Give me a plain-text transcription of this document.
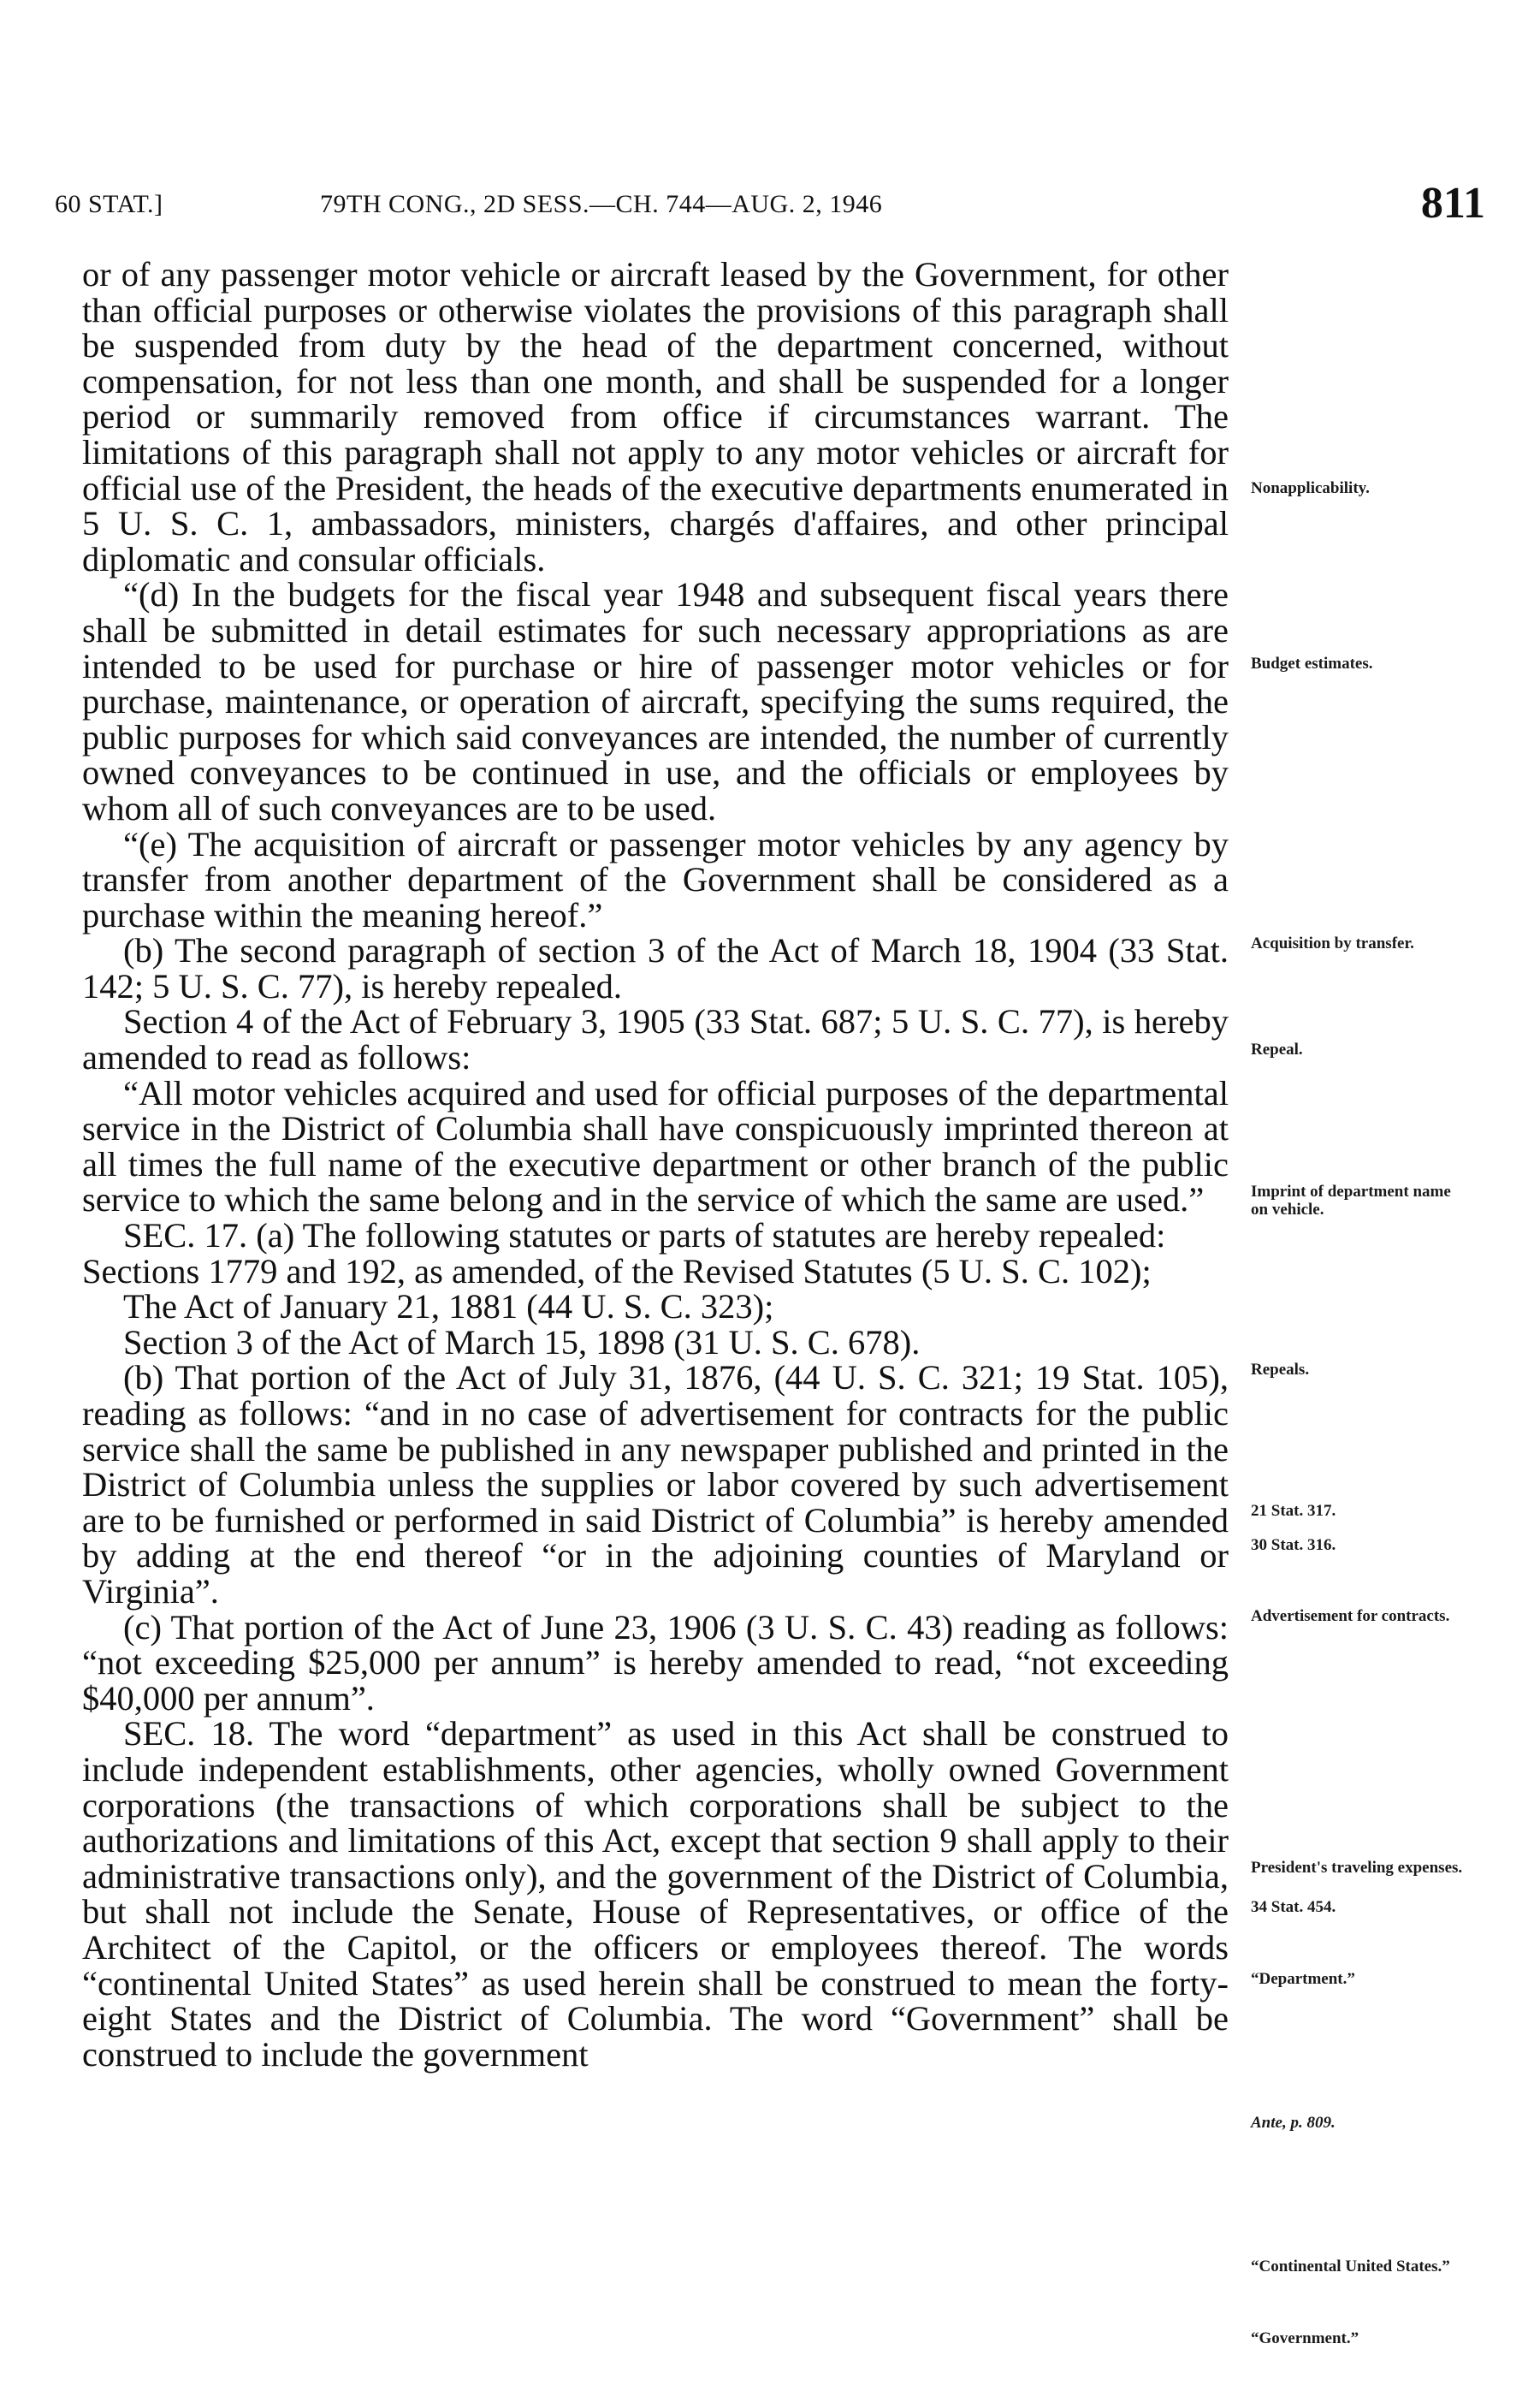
60 STAT.]	79TH CONG., 2D SESS.—CH. 744—AUG. 2, 1946	811

or of any passenger motor vehicle or aircraft leased by the Government, for other than official purposes or otherwise violates the provisions of this paragraph shall be suspended from duty by the head of the department concerned, without compensation, for not less than one month, and shall be suspended for a longer period or summarily removed from office if circumstances warrant. The limitations of this paragraph shall not apply to any motor vehicles or aircraft for official use of the President, the heads of the executive departments enumerated in 5 U. S. C. 1, ambassadors, ministers, chargés d'affaires, and other principal diplomatic and consular officials.

“(d) In the budgets for the fiscal year 1948 and subsequent fiscal years there shall be submitted in detail estimates for such necessary appropriations as are intended to be used for purchase or hire of passenger motor vehicles or for purchase, maintenance, or operation of aircraft, specifying the sums required, the public purposes for which said conveyances are intended, the number of currently owned conveyances to be continued in use, and the officials or employees by whom all of such conveyances are to be used.

“(e) The acquisition of aircraft or passenger motor vehicles by any agency by transfer from another department of the Government shall be considered as a purchase within the meaning hereof.”

(b) The second paragraph of section 3 of the Act of March 18, 1904 (33 Stat. 142; 5 U. S. C. 77), is hereby repealed.

Section 4 of the Act of February 3, 1905 (33 Stat. 687; 5 U. S. C. 77), is hereby amended to read as follows:

“All motor vehicles acquired and used for official purposes of the departmental service in the District of Columbia shall have conspicuously imprinted thereon at all times the full name of the executive department or other branch of the public service to which the same belong and in the service of which the same are used.”

SEC. 17. (a) The following statutes or parts of statutes are hereby repealed:

Sections 1779 and 192, as amended, of the Revised Statutes (5 U. S. C. 102);

The Act of January 21, 1881 (44 U. S. C. 323);

Section 3 of the Act of March 15, 1898 (31 U. S. C. 678).

(b) That portion of the Act of July 31, 1876, (44 U. S. C. 321; 19 Stat. 105), reading as follows: “and in no case of advertisement for contracts for the public service shall the same be published in any newspaper published and printed in the District of Columbia unless the supplies or labor covered by such advertisement are to be furnished or performed in said District of Columbia” is hereby amended by adding at the end thereof “or in the adjoining counties of Maryland or Virginia”.

(c) That portion of the Act of June 23, 1906 (3 U. S. C. 43) reading as follows: “not exceeding $25,000 per annum” is hereby amended to read, “not exceeding $40,000 per annum”.

SEC. 18. The word “department” as used in this Act shall be construed to include independent establishments, other agencies, wholly owned Government corporations (the transactions of which corporations shall be subject to the authorizations and limitations of this Act, except that section 9 shall apply to their administrative transactions only), and the government of the District of Columbia, but shall not include the Senate, House of Representatives, or office of the Architect of the Capitol, or the officers or employees thereof. The words “continental United States” as used herein shall be construed to mean the forty-eight States and the District of Columbia. The word “Government” shall be construed to include the government

Nonapplicability.
Budget estimates.
Acquisition by transfer.
Repeal.
Imprint of department name on vehicle.
Repeals.
21 Stat. 317.
30 Stat. 316.
Advertisement for contracts.
President's traveling expenses.
34 Stat. 454.
“Department.”
Ante, p. 809.
“Continental United States.”
“Government.”
